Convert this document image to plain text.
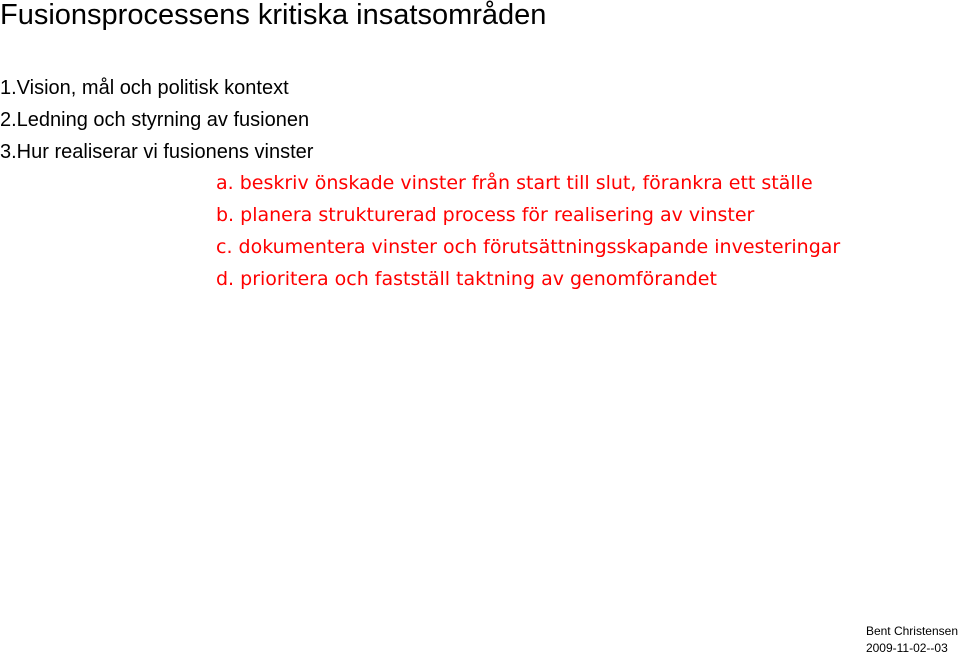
Fusionsprocessens kritiska insatsområden
1.Vision, mål och politisk kontext
2.Ledning och styrning av fusionen
3.Hur realiserar vi fusionens vinster
a. beskriv önskade vinster från start till slut, förankra ett ställe
b. planera strukturerad process för realisering av vinster
c. dokumentera vinster och förutsättningsskapande investeringar
d. prioritera och fastställ taktning av genomförandet
Bent Christensen
2009-11-02--03
